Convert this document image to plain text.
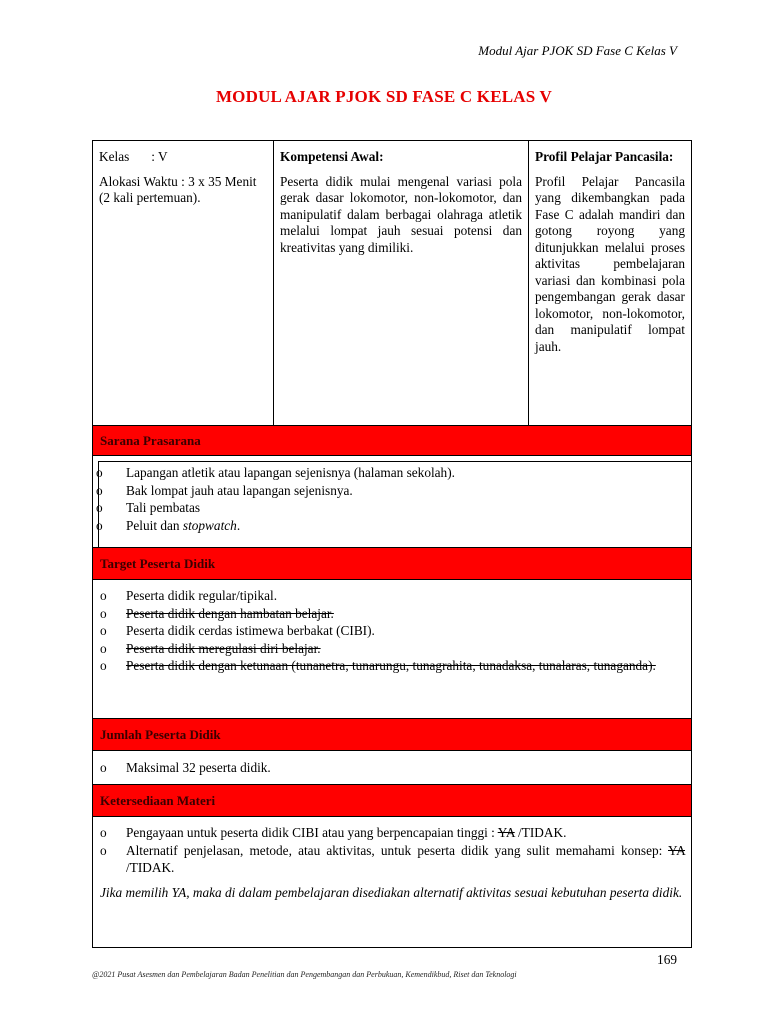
Modul Ajar PJOK SD Fase C Kelas V
MODUL AJAR PJOK SD FASE C KELAS V

Kelas : V

Alokasi Waktu : 3 x 35 Menit (2 kali pertemuan).

Kompetensi Awal:

Peserta didik mulai mengenal variasi pola gerak dasar lokomotor, non-lokomotor, dan manipulatif dalam berbagai olahraga atletik melalui lompat jauh sesuai potensi dan kreativitas yang dimiliki.

Profil Pelajar Pancasila:

Profil Pelajar Pancasila yang dikembangkan pada Fase C adalah mandiri dan gotong royong yang ditunjukkan melalui proses aktivitas pembelajaran variasi dan kombinasi pola pengembangan gerak dasar lokomotor, non-lokomotor, dan manipulatif lompat jauh.

Sarana Prasarana
o Lapangan atletik atau lapangan sejenisnya (halaman sekolah).
o Bak lompat jauh atau lapangan sejenisnya.
o Tali pembatas
o Peluit dan stopwatch.
Target Peserta Didik
o Peserta didik regular/tipikal.
o Peserta didik dengan hambatan belajar.
o Peserta didik cerdas istimewa berbakat (CIBI).
o Peserta didik meregulasi diri belajar.
o Peserta didik dengan ketunaan (tunanetra, tunarungu, tunagrahita, tunadaksa, tunalaras, tunaganda).
Jumlah Peserta Didik
o Maksimal 32 peserta didik.
Ketersediaan Materi
o Pengayaan untuk peserta didik CIBI atau yang berpencapaian tinggi : YA /TIDAK.
o Alternatif penjelasan, metode, atau aktivitas, untuk peserta didik yang sulit memahami konsep: YA /TIDAK.

Jika memilih YA, maka di dalam pembelajaran disediakan alternatif aktivitas sesuai kebutuhan peserta didik.

169
@2021 Pusat Asesmen dan Pembelajaran Badan Penelitian dan Pengembangan dan Perbukuan, Kemendikbud, Riset dan Teknologi
